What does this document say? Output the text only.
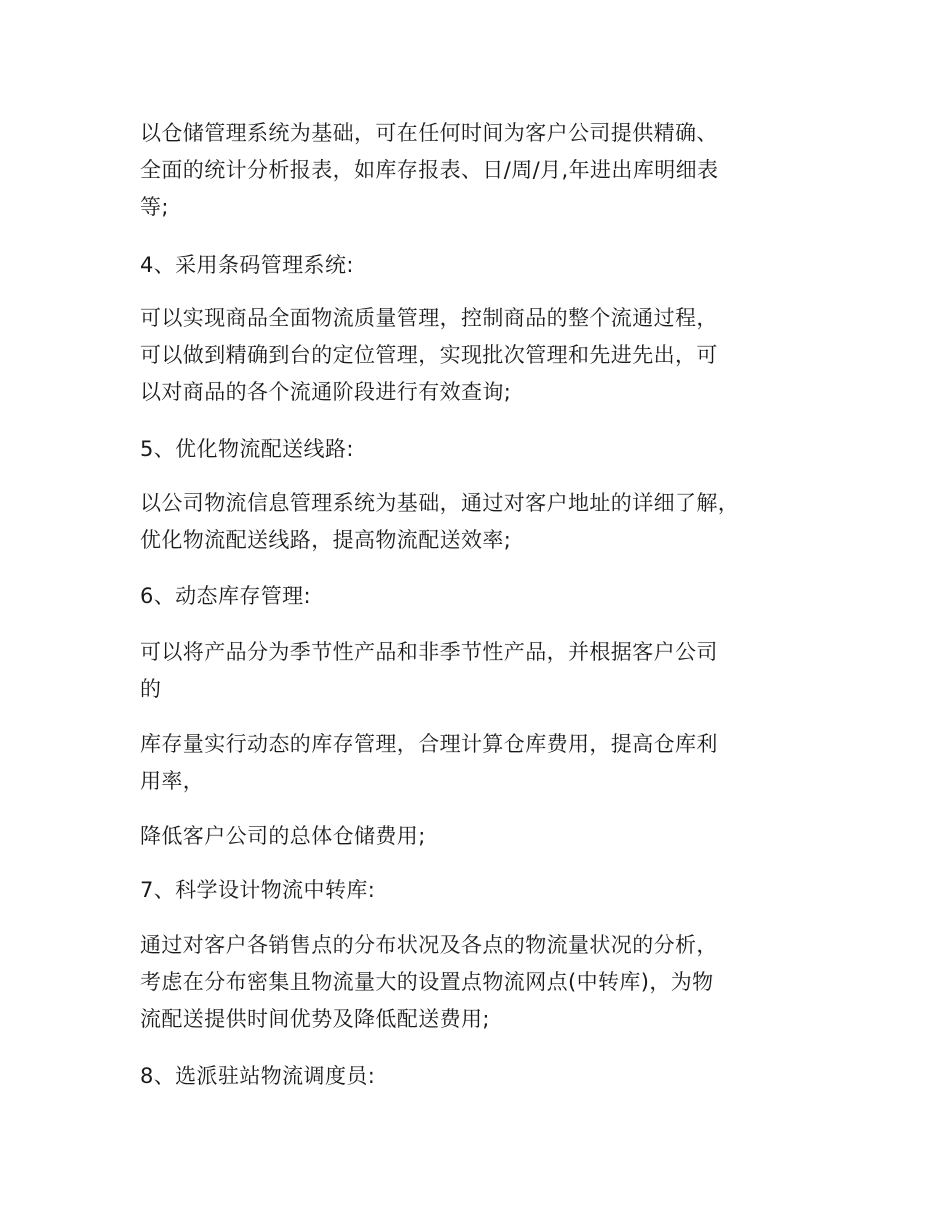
以仓储管理系统为基础，可在任何时间为客户公司提供精确、
全面的统计分析报表，如库存报表、日/周/月,年进出库明细表
等;
4、采用条码管理系统:
可以实现商品全面物流质量管理，控制商品的整个流通过程，
可以做到精确到台的定位管理，实现批次管理和先进先出，可
以对商品的各个流通阶段进行有效查询;
5、优化物流配送线路:
以公司物流信息管理系统为基础，通过对客户地址的详细了解，
优化物流配送线路，提高物流配送效率;
6、动态库存管理:
可以将产品分为季节性产品和非季节性产品，并根据客户公司
的
库存量实行动态的库存管理，合理计算仓库费用，提高仓库利
用率，
降低客户公司的总体仓储费用;
7、科学设计物流中转库:
通过对客户各销售点的分布状况及各点的物流量状况的分析，
考虑在分布密集且物流量大的设置点物流网点(中转库)，为物
流配送提供时间优势及降低配送费用;
8、选派驻站物流调度员:
